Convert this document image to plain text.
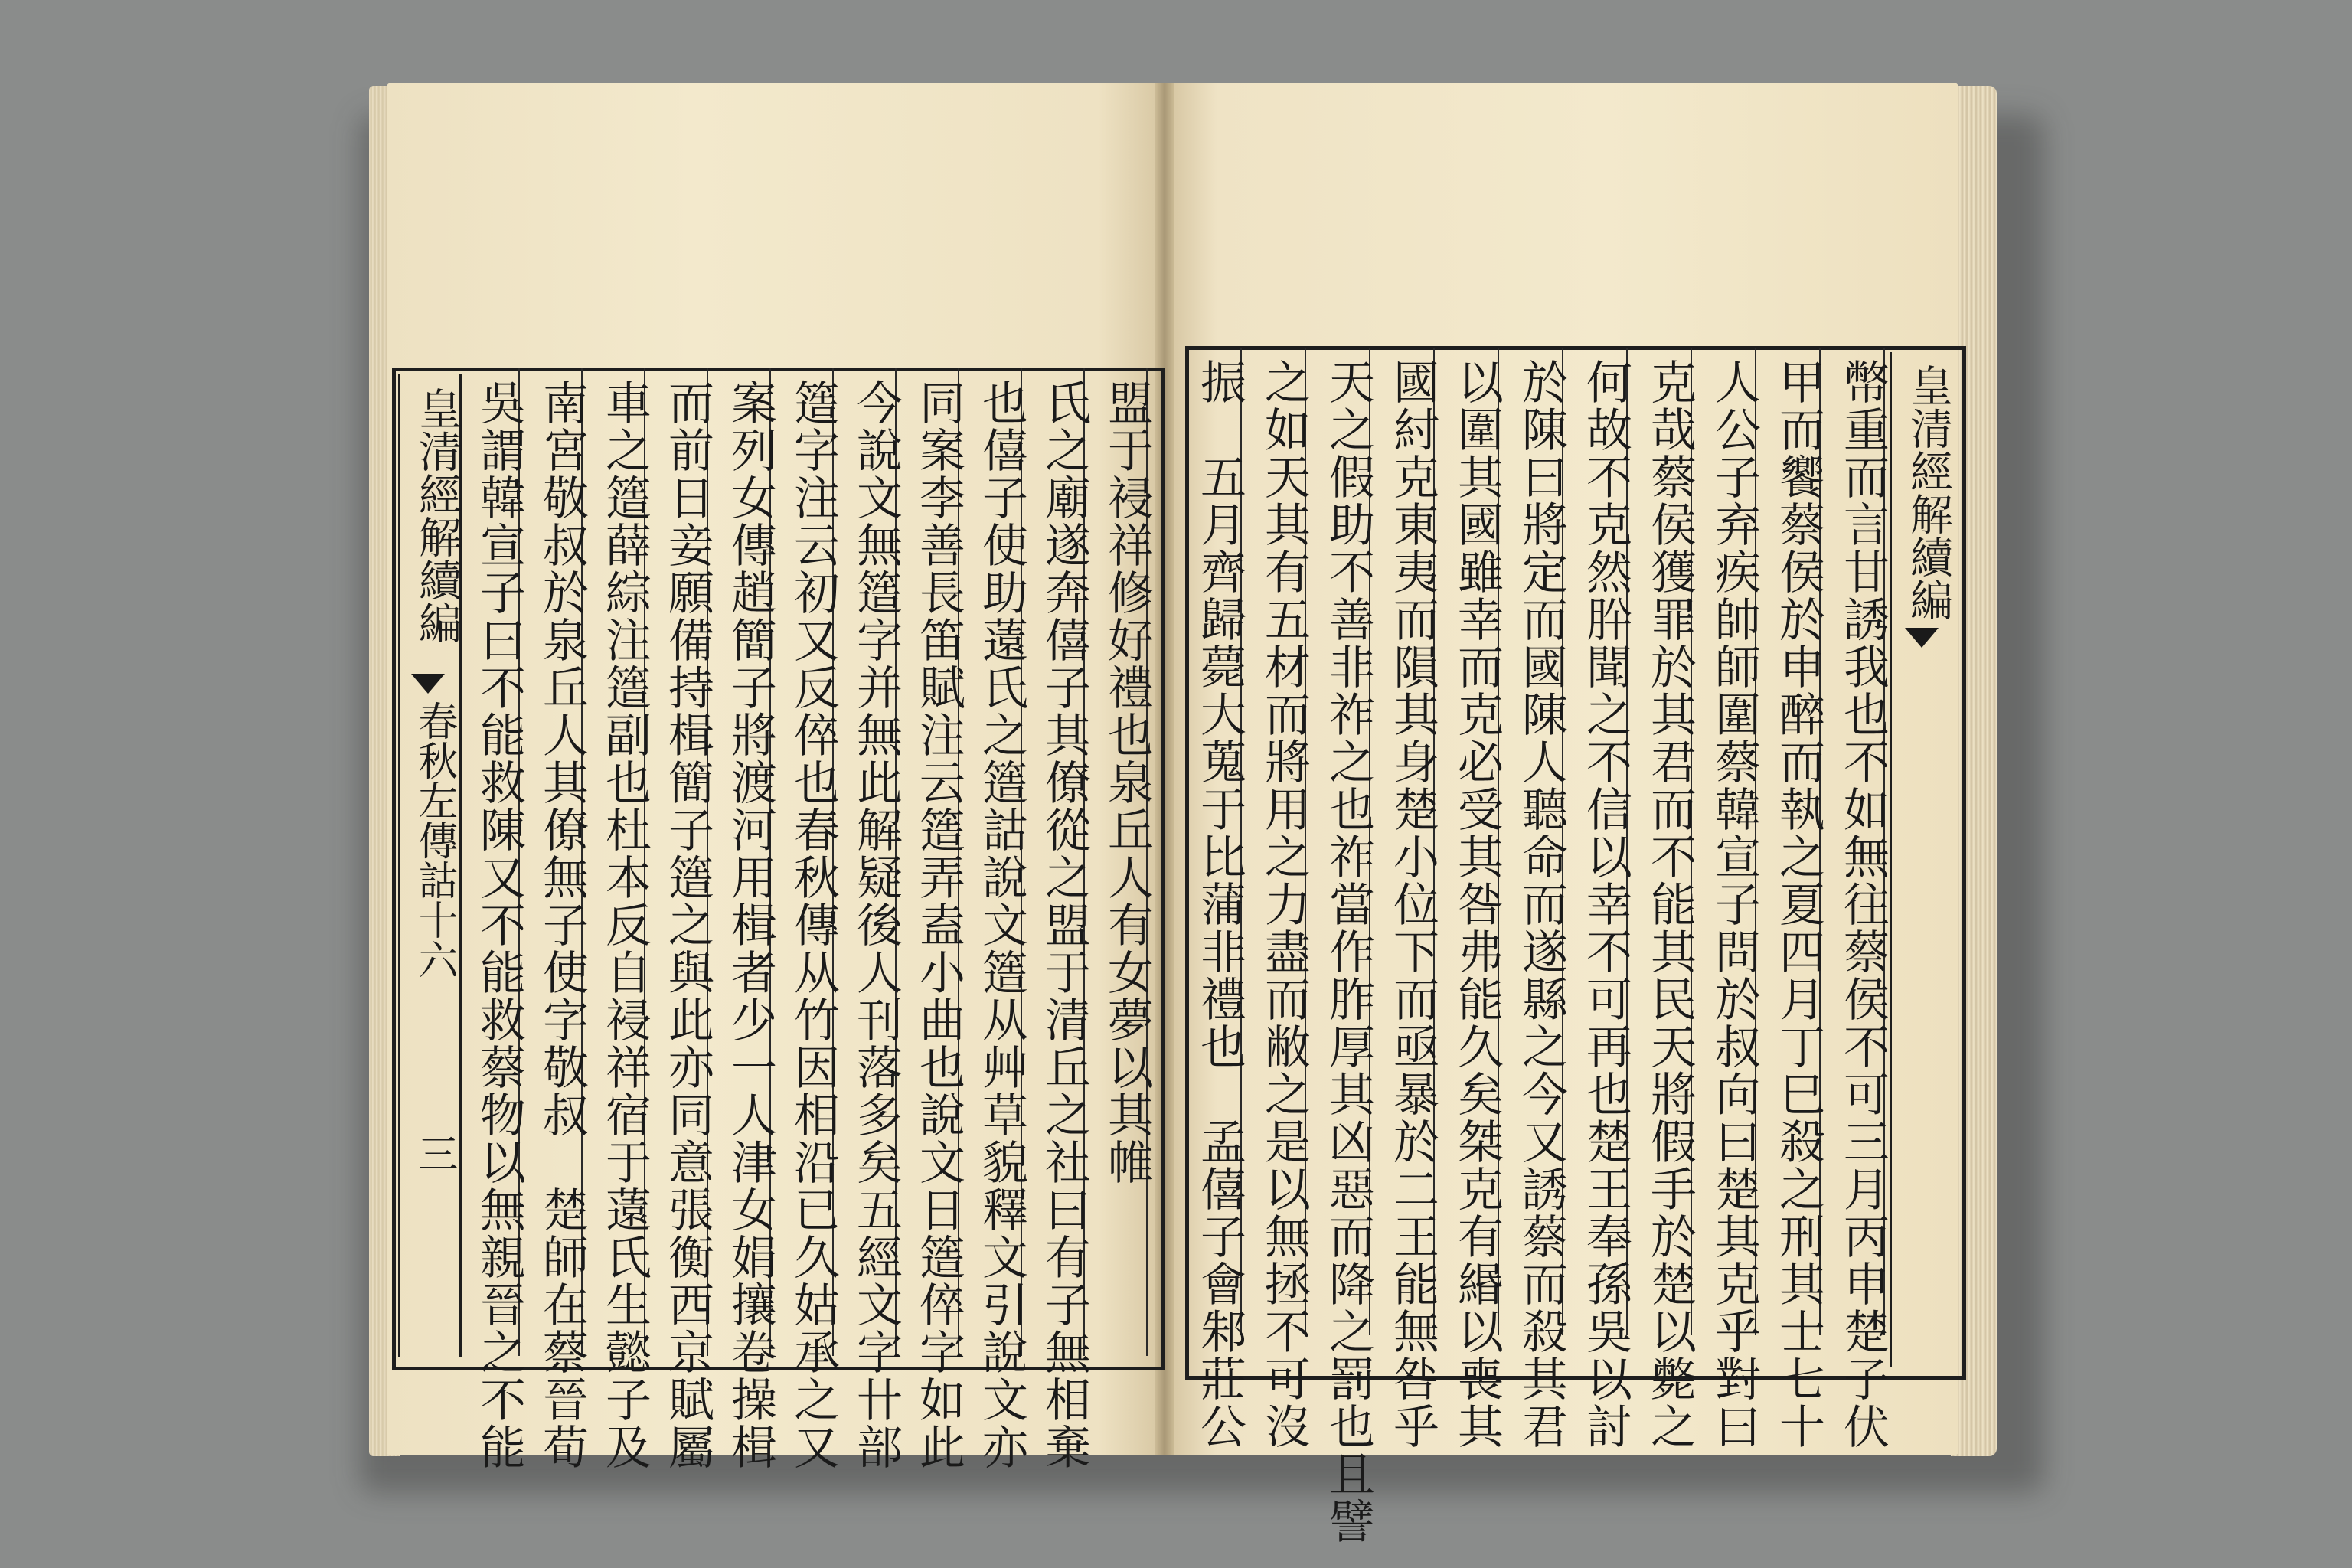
皇清經解續編
春秋左傳詁十六
三	盟于祲祥修好禮也泉丘人有女夢以其帷
氏之廟遂奔僖子其僚從之盟于清丘之社曰有子無相棄
也僖子使助薳氏之簉詁說文簉从艸草貌釋文引說文亦
同案李善長笛賦注云簉弄盍小曲也說文日簉倅字如此
今說文無簉字并無此解疑後人刊落多矣五經文字卄部
簉字注云初又反倅也春秋傳从竹因相沿已久姑承之又
案列女傳趙簡子將渡河用楫者少一人津女娟攘卷操楫
而前日妾願備持楫簡子簉之與此亦同意張衡西京賦屬
車之簉薛綜注簉副也杜本反自祲祥宿于薳氏生懿子及
南宮敬叔於泉丘人其僚無子使字敬叔　楚師在蔡晉荀
吳謂韓宣子曰不能救陳又不能救蔡物以無親晉之不能	皇清經解續編
幣重而言甘誘我也不如無往蔡侯不可三月丙申楚子伏
甲而饗蔡侯於申醉而執之夏四月丁巳殺之刑其士七十
人公子弃疾帥師圍蔡韓宣子問於叔向曰楚其克乎對曰
克哉蔡侯獲罪於其君而不能其民天將假手於楚以斃之
何故不克然肸聞之不信以幸不可再也楚王奉孫吳以討
於陳曰將定而國陳人聽命而遂縣之今又誘蔡而殺其君
以圍其國雖幸而克必受其咎弗能久矣桀克有緡以喪其
國紂克東夷而隕其身楚小位下而亟暴於二王能無咎乎
天之假助不善非祚之也祚當作胙厚其凶惡而降之罰也且譬
之如天其有五材而將用之力盡而敝之是以無拯不可沒
振　五月齊歸薨大蒐于比蒲非禮也　孟僖子會邾莊公
